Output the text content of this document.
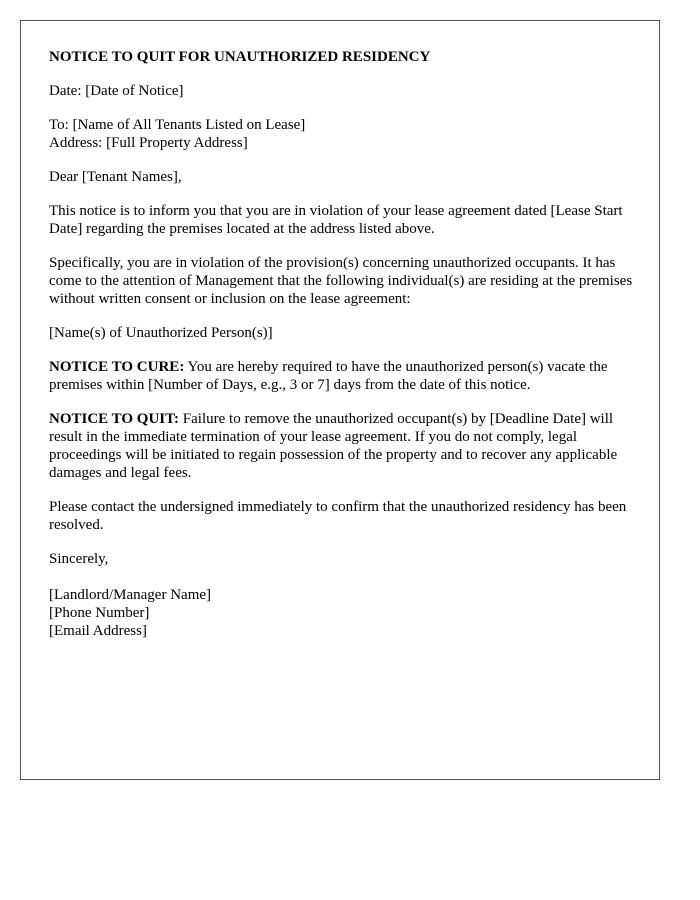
NOTICE TO QUIT FOR UNAUTHORIZED RESIDENCY

Date: [Date of Notice]

To: [Name of All Tenants Listed on Lease]
Address: [Full Property Address]

Dear [Tenant Names],

This notice is to inform you that you are in violation of your lease agreement dated [Lease Start Date] regarding the premises located at the address listed above.

Specifically, you are in violation of the provision(s) concerning unauthorized occupants. It has come to the attention of Management that the following individual(s) are residing at the premises without written consent or inclusion on the lease agreement:

[Name(s) of Unauthorized Person(s)]

NOTICE TO CURE: You are hereby required to have the unauthorized person(s) vacate the premises within [Number of Days, e.g., 3 or 7] days from the date of this notice.

NOTICE TO QUIT: Failure to remove the unauthorized occupant(s) by [Deadline Date] will result in the immediate termination of your lease agreement. If you do not comply, legal proceedings will be initiated to regain possession of the property and to recover any applicable damages and legal fees.

Please contact the undersigned immediately to confirm that the unauthorized residency has been resolved.

Sincerely,

[Landlord/Manager Name]
[Phone Number]
[Email Address]
